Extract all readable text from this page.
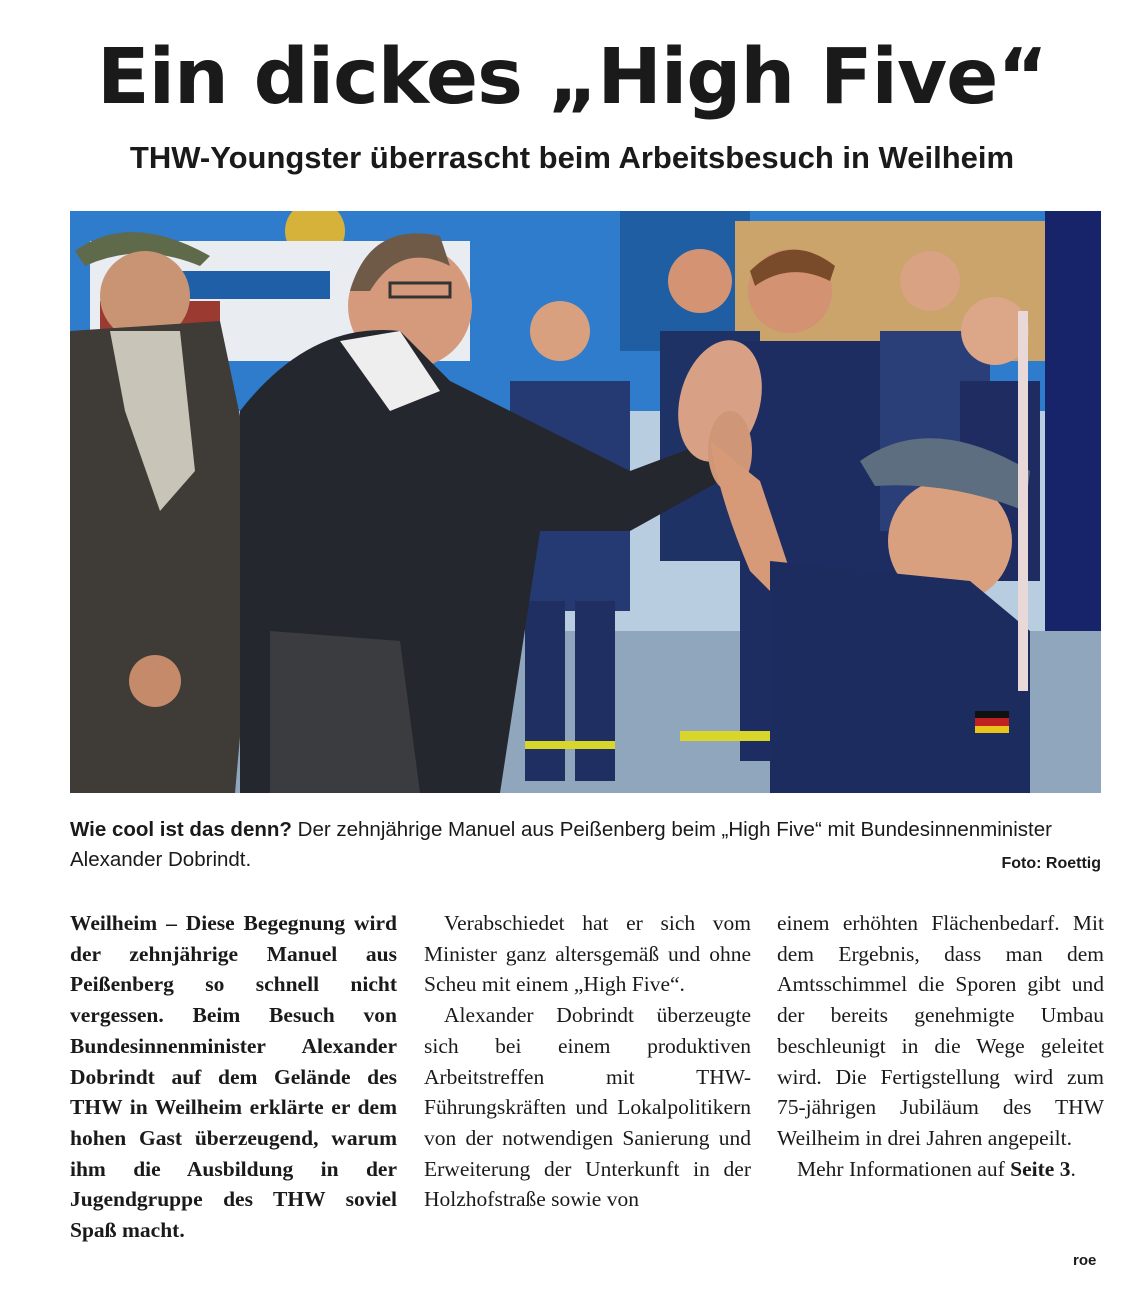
Ein dickes „High Five“
THW-Youngster überrascht beim Arbeitsbesuch in Weilheim
Wie cool ist das denn? Der zehnjährige Manuel aus Peißenberg beim „High Five“ mit Bundesinnenminister Alexander Dobrindt.	Foto: Roettig

Weilheim – Diese Begegnung wird der zehnjährige Manuel aus Peißenberg so schnell nicht vergessen. Beim Besuch von Bundesinnenminister Alexander Dobrindt auf dem Gelände des THW in Weilheim erklärte er dem hohen Gast überzeugend, warum ihm die Ausbildung in der Jugendgruppe des THW soviel Spaß macht.

Verabschiedet hat er sich vom Minister ganz altersgemäß und ohne Scheu mit einem „High Five“.

Alexander Dobrindt überzeugte sich bei einem produktiven Arbeitstreffen mit THW-Führungskräften und Lokalpolitikern von der notwendigen Sanierung und Erweiterung der Unterkunft in der Holzhofstraße sowie von

einem erhöhten Flächenbedarf. Mit dem Ergebnis, dass man dem Amtsschimmel die Sporen gibt und der bereits genehmigte Umbau beschleunigt in die Wege geleitet wird. Die Fertigstellung wird zum 75-jährigen Jubiläum des THW Weilheim in drei Jahren angepeilt.

Mehr Informationen auf Seite 3.

roe
